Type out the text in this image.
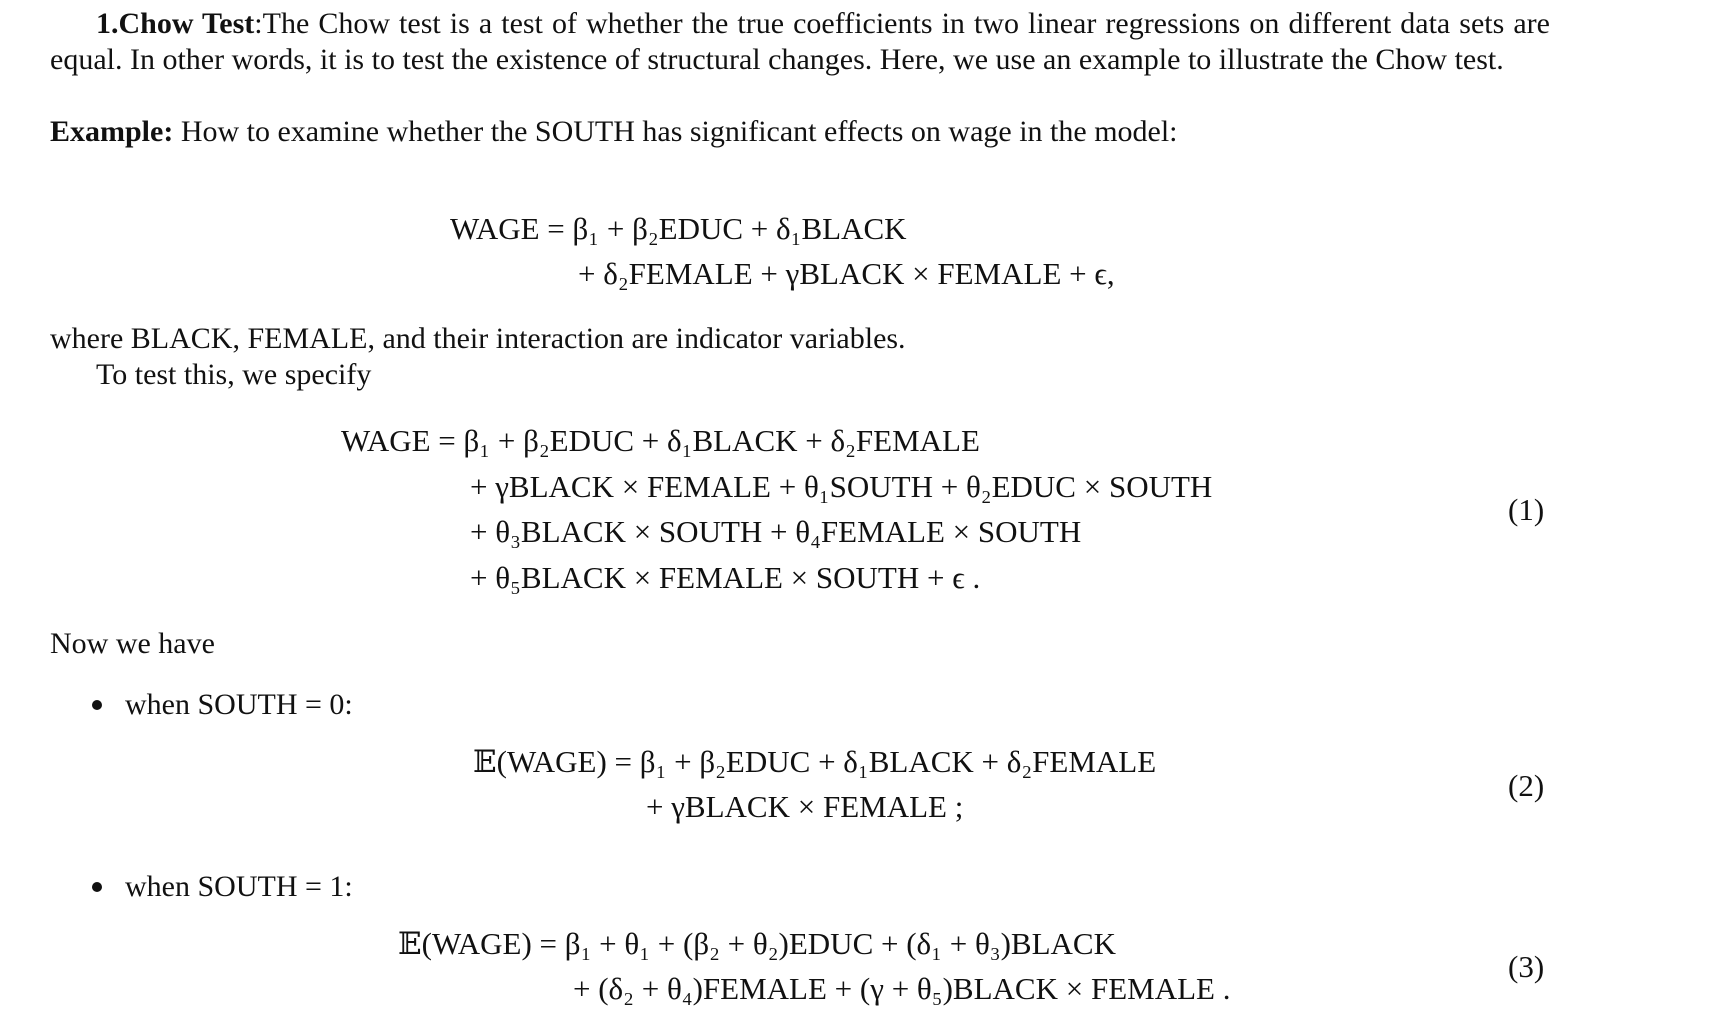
1.Chow Test:The Chow test is a test of whether the true coefficients in two linear regressions on different data sets are equal. In other words, it is to test the existence of structural changes. Here, we use an example to illustrate the Chow test.
Example: How to examine whether the SOUTH has significant effects on wage in the model:
WAGE = β₁ + β₂EDUC + δ₁BLACK
+ δ₂FEMALE + γBLACK × FEMALE + ϵ,
where BLACK, FEMALE, and their interaction are indicator variables.
To test this, we specify
WAGE = β₁ + β₂EDUC + δ₁BLACK + δ₂FEMALE
+ γBLACK × FEMALE + θ₁SOUTH + θ₂EDUC × SOUTH
+ θ₃BLACK × SOUTH + θ₄FEMALE × SOUTH
+ θ₅BLACK × FEMALE × SOUTH + ϵ .
(1)
Now we have
when SOUTH = 0:
𝔼(WAGE) = β₁ + β₂EDUC + δ₁BLACK + δ₂FEMALE
+ γBLACK × FEMALE ;
(2)
when SOUTH = 1:
𝔼(WAGE) = β₁ + θ₁ + (β₂ + θ₂)EDUC + (δ₁ + θ₃)BLACK
+ (δ₂ + θ₄)FEMALE + (γ + θ₅)BLACK × FEMALE .
(3)
